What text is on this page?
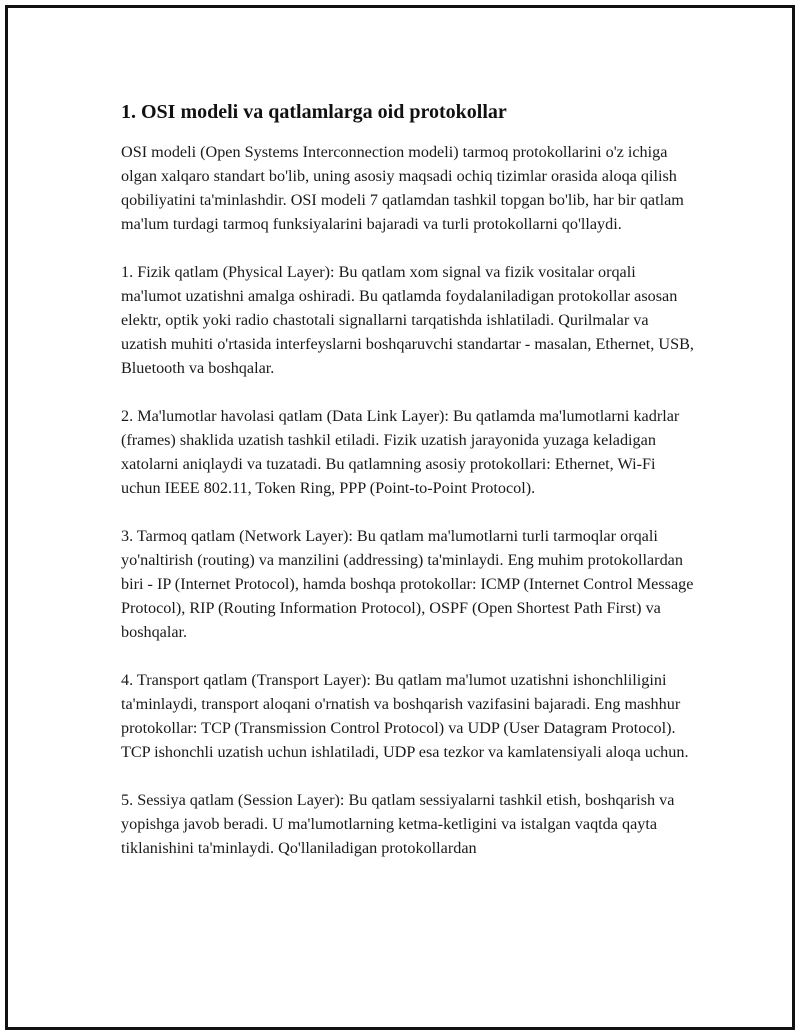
1. OSI modeli va qatlamlarga oid protokollar

OSI modeli (Open Systems Interconnection modeli) tarmoq protokollarini o'z ichiga olgan xalqaro standart bo'lib, uning asosiy maqsadi ochiq tizimlar orasida aloqa qilish qobiliyatini ta'minlashdir. OSI modeli 7 qatlamdan tashkil topgan bo'lib, har bir qatlam ma'lum turdagi tarmoq funksiyalarini bajaradi va turli protokollarni qo'llaydi.

1. Fizik qatlam (Physical Layer): Bu qatlam xom signal va fizik vositalar orqali ma'lumot uzatishni amalga oshiradi. Bu qatlamda foydalaniladigan protokollar asosan elektr, optik yoki radio chastotali signallarni tarqatishda ishlatiladi. Qurilmalar va uzatish muhiti o'rtasida interfeyslarni boshqaruvchi standartar - masalan, Ethernet, USB, Bluetooth va boshqalar.

2. Ma'lumotlar havolasi qatlam (Data Link Layer): Bu qatlamda ma'lumotlarni kadrlar (frames) shaklida uzatish tashkil etiladi. Fizik uzatish jarayonida yuzaga keladigan xatolarni aniqlaydi va tuzatadi. Bu qatlamning asosiy protokollari: Ethernet, Wi-Fi uchun IEEE 802.11, Token Ring, PPP (Point-to-Point Protocol).

3. Tarmoq qatlam (Network Layer): Bu qatlam ma'lumotlarni turli tarmoqlar orqali yo'naltirish (routing) va manzilini (addressing) ta'minlaydi. Eng muhim protokollardan biri - IP (Internet Protocol), hamda boshqa protokollar: ICMP (Internet Control Message Protocol), RIP (Routing Information Protocol), OSPF (Open Shortest Path First) va boshqalar.

4. Transport qatlam (Transport Layer): Bu qatlam ma'lumot uzatishni ishonchliligini ta'minlaydi, transport aloqani o'rnatish va boshqarish vazifasini bajaradi. Eng mashhur protokollar: TCP (Transmission Control Protocol) va UDP (User Datagram Protocol). TCP ishonchli uzatish uchun ishlatiladi, UDP esa tezkor va kamlatensiyali aloqa uchun.

5. Sessiya qatlam (Session Layer): Bu qatlam sessiyalarni tashkil etish, boshqarish va yopishga javob beradi. U ma'lumotlarning ketma-ketligini va istalgan vaqtda qayta tiklanishini ta'minlaydi. Qo'llaniladigan protokollardan
